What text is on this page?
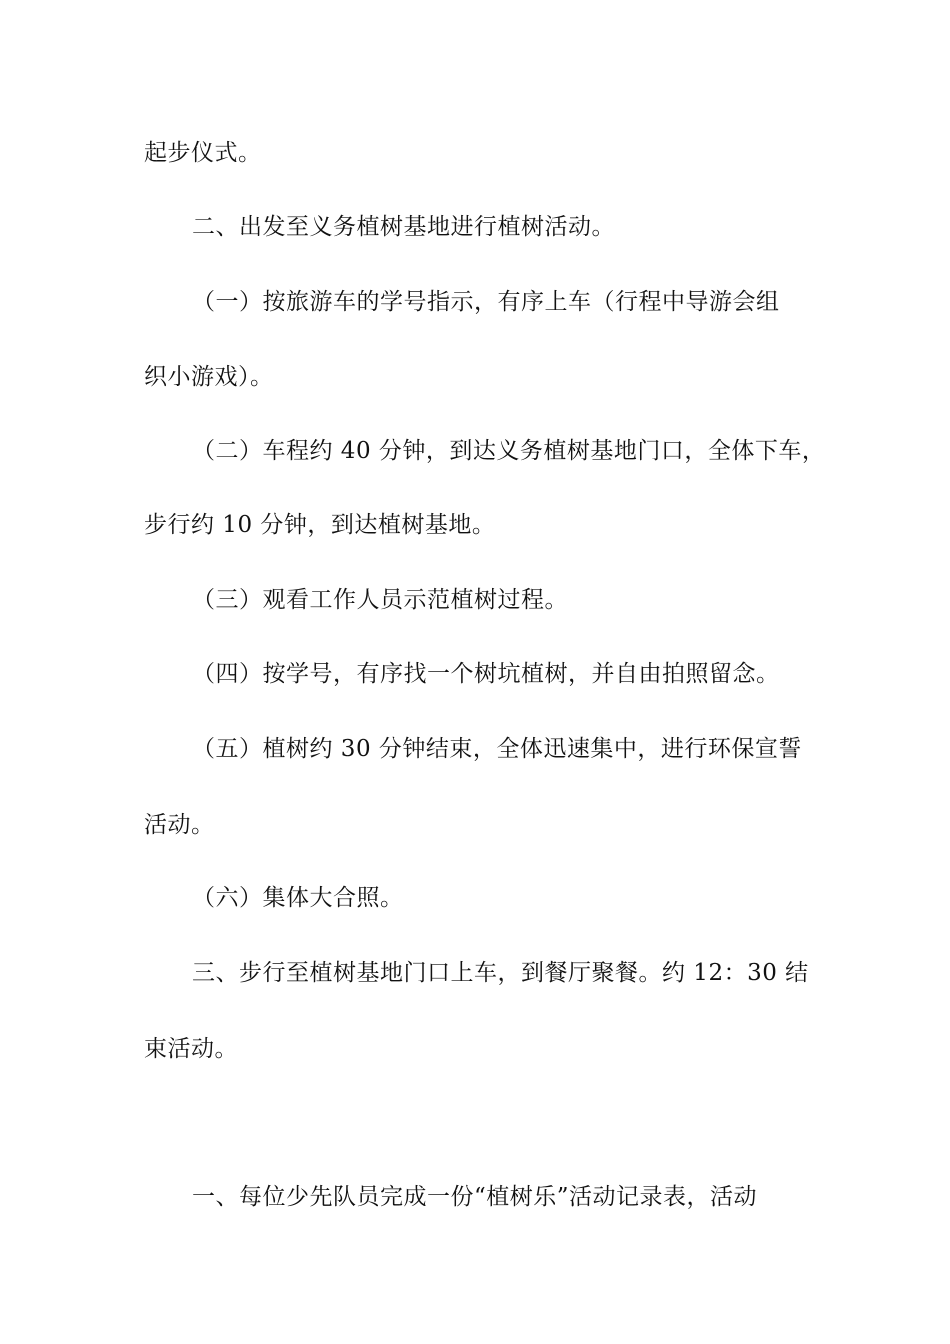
起步仪式。
二、出发至义务植树基地进行植树活动。
（一）按旅游车的学号指示，有序上车（行程中导游会组
织小游戏）。
（二）车程约 40 分钟，到达义务植树基地门口，全体下车，
步行约 10 分钟，到达植树基地。
（三）观看工作人员示范植树过程。
（四）按学号，有序找一个树坑植树，并自由拍照留念。
（五）植树约 30 分钟结束，全体迅速集中，进行环保宣誓
活动。
（六）集体大合照。
三、步行至植树基地门口上车，到餐厅聚餐。约 12：30 结
束活动。
一、每位少先队员完成一份“植树乐”活动记录表，活动
